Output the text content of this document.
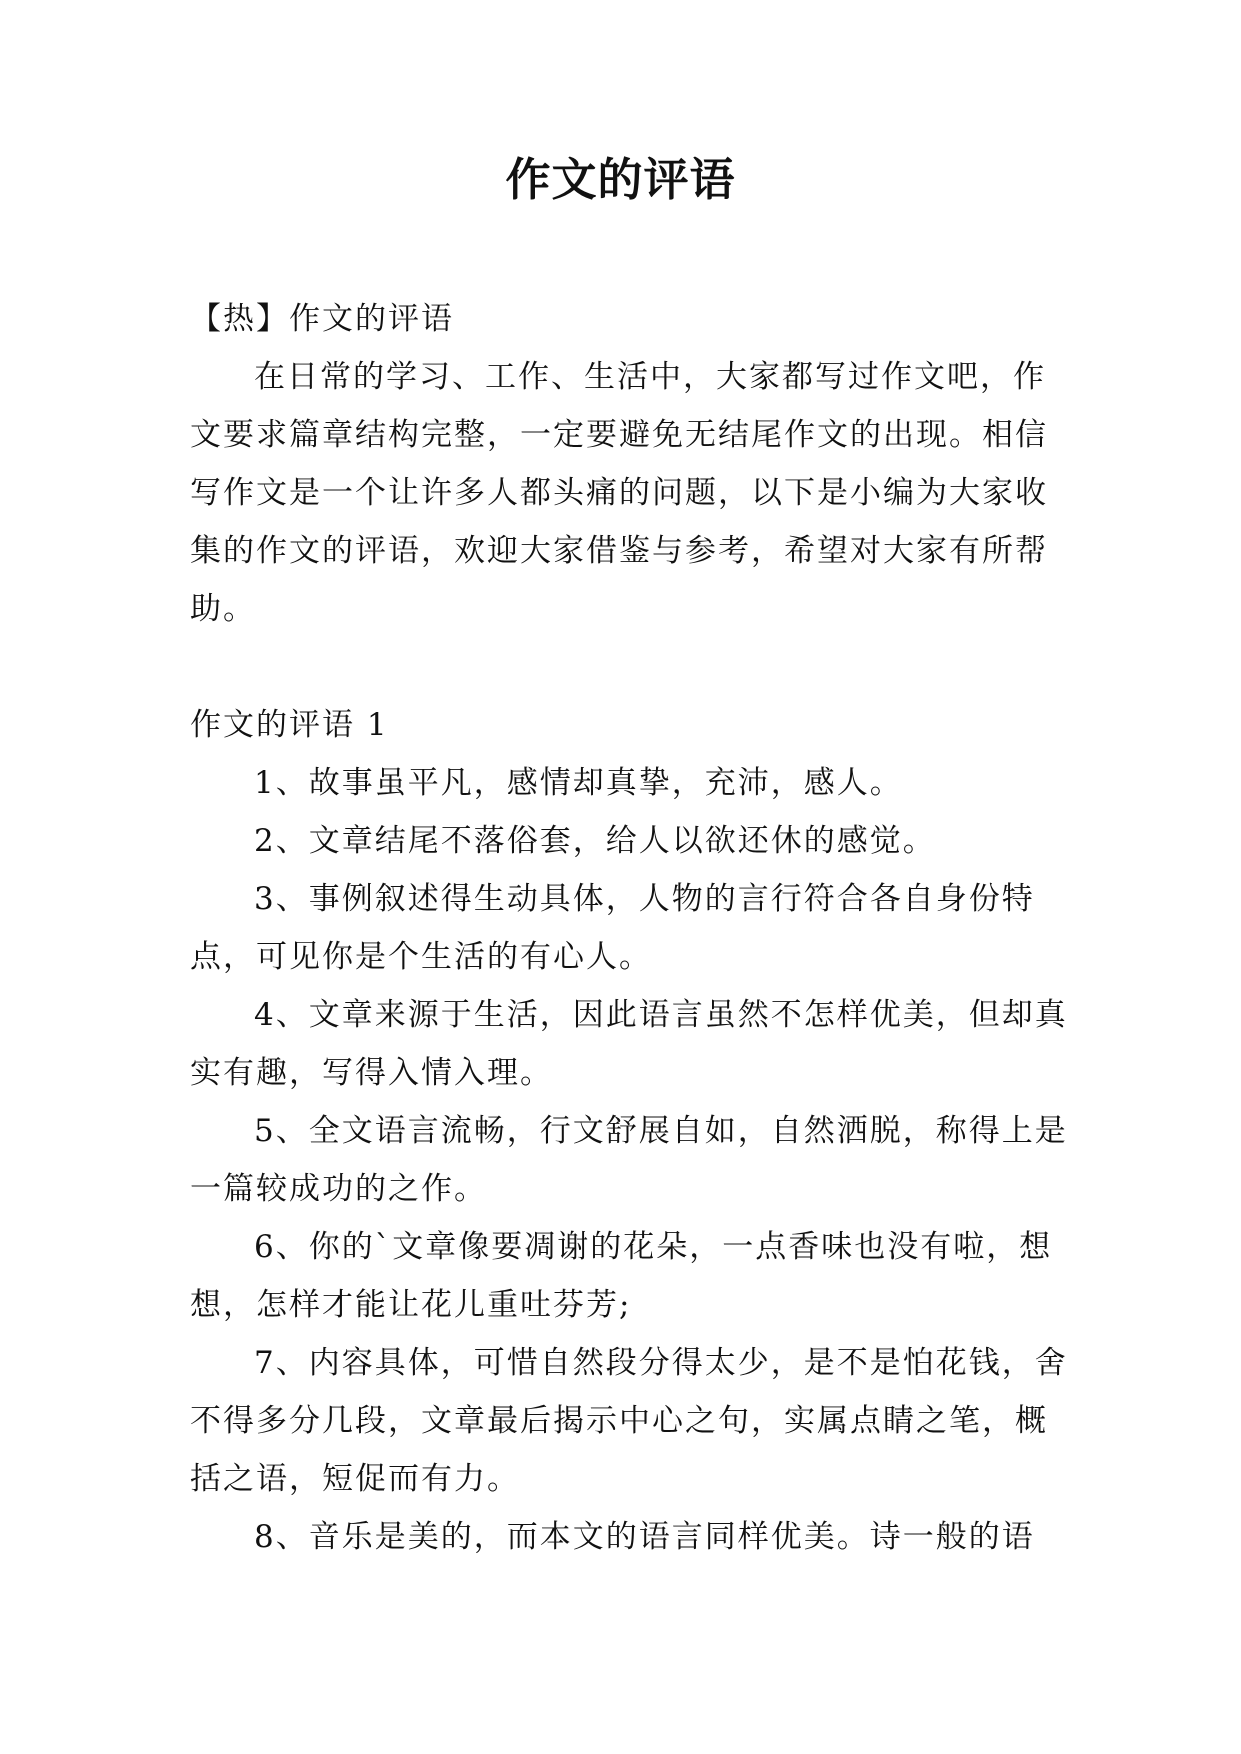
作文的评语

【热】作文的评语

在日常的学习、工作、生活中，大家都写过作文吧，作文要求篇章结构完整，一定要避免无结尾作文的出现。相信写作文是一个让许多人都头痛的问题，以下是小编为大家收集的作文的评语，欢迎大家借鉴与参考，希望对大家有所帮助。

作文的评语 1

1、故事虽平凡，感情却真挚，充沛，感人。

2、文章结尾不落俗套，给人以欲还休的感觉。

3、事例叙述得生动具体，人物的言行符合各自身份特点，可见你是个生活的有心人。

4、文章来源于生活，因此语言虽然不怎样优美，但却真实有趣，写得入情入理。

5、全文语言流畅，行文舒展自如，自然洒脱，称得上是一篇较成功的之作。

6、你的`文章像要凋谢的花朵，一点香味也没有啦，想想，怎样才能让花儿重吐芬芳;

7、内容具体，可惜自然段分得太少，是不是怕花钱，舍不得多分几段，文章最后揭示中心之句，实属点睛之笔，概括之语，短促而有力。

8、音乐是美的，而本文的语言同样优美。诗一般的语
